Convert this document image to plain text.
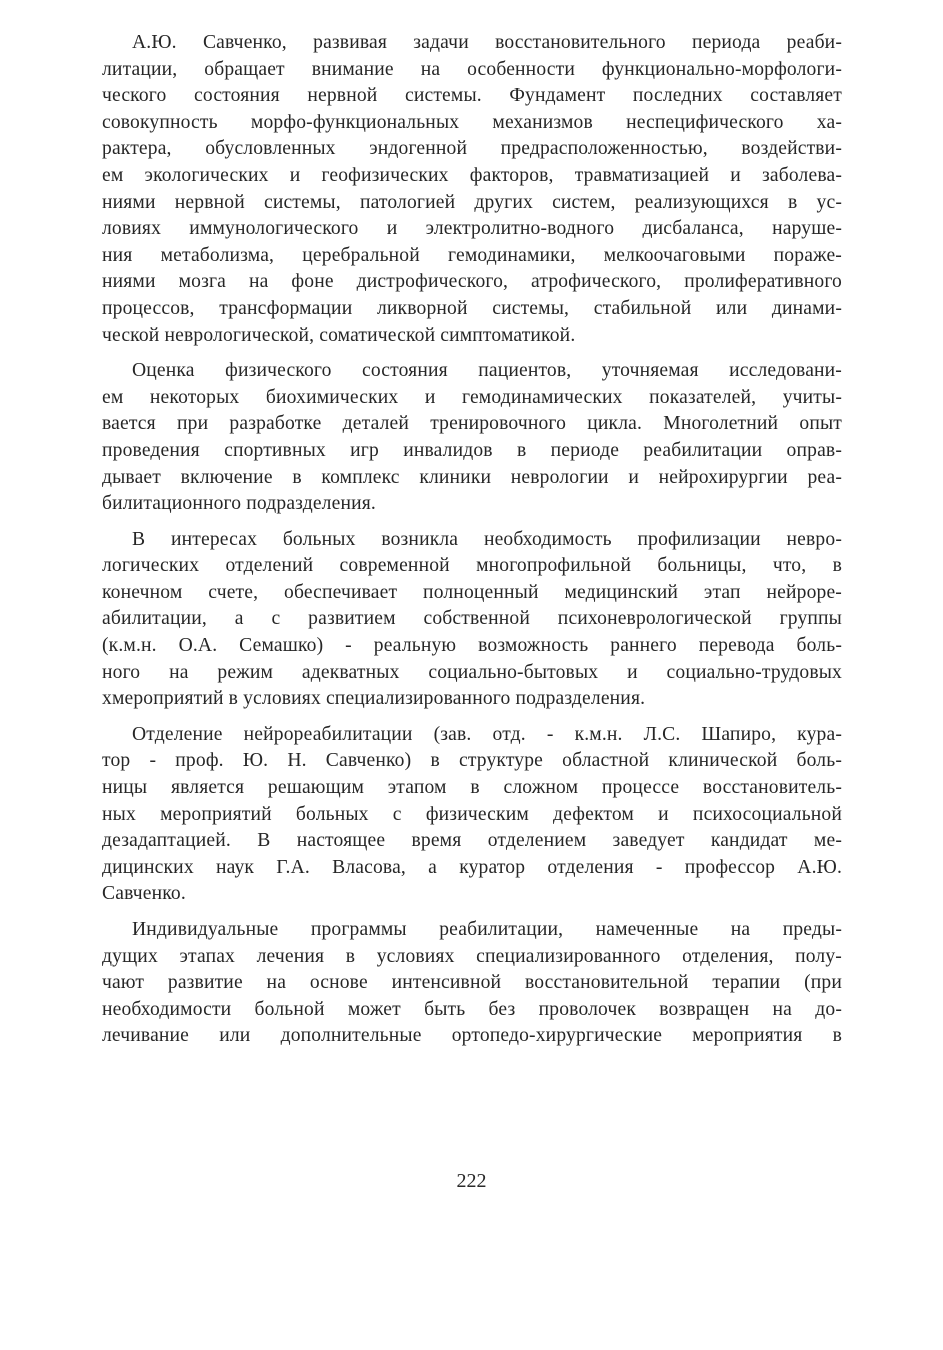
А.Ю. Савченко, развивая задачи восстановительного периода реаби-
литации, обращает внимание на особенности функционально-морфологи-
ческого состояния нервной системы. Фундамент последних составляет
совокупность морфо-функциональных механизмов неспецифического ха-
рактера, обусловленных эндогенной предрасположенностью, воздействи-
ем экологических и геофизических факторов, травматизацией и заболева-
ниями нервной системы, патологией других систем, реализующихся в ус-
ловиях иммунологического и электролитно-водного дисбаланса, наруше-
ния метаболизма, церебральной гемодинамики, мелкоочаговыми пораже-
ниями мозга на фоне дистрофического, атрофического, пролиферативного
процессов, трансформации ликворной системы, стабильной или динами-
ческой неврологической, соматической симптоматикой.
Оценка физического состояния пациентов, уточняемая исследовани-
ем некоторых биохимических и гемодинамических показателей, учиты-
вается при разработке деталей тренировочного цикла. Многолетний опыт
проведения спортивных игр инвалидов в периоде реабилитации оправ-
дывает включение в комплекс клиники неврологии и нейрохирургии реа-
билитационного подразделения.
В интересах больных возникла необходимость профилизации невро-
логических отделений современной многопрофильной больницы, что, в
конечном счете, обеспечивает полноценный медицинский этап нейроре-
абилитации, а с развитием собственной психоневрологической группы
(к.м.н. О.А. Семашко) - реальную возможность раннего перевода боль-
ного на режим адекватных социально-бытовых и социально-трудовых
хмероприятий в условиях специализированного подразделения.
Отделение нейрореабилитации (зав. отд. - к.м.н. Л.С. Шапиро, кура-
тор - проф. Ю. Н. Савченко) в структуре областной клинической боль-
ницы является решающим этапом в сложном процессе восстановитель-
ных мероприятий больных с физическим дефектом и психосоциальной
дезадаптацией. В настоящее время отделением заведует кандидат ме-
дицинских наук Г.А. Власова, а куратор отделения - профессор А.Ю.
Савченко.
Индивидуальные программы реабилитации, намеченные на преды-
дущих этапах лечения в условиях специализированного отделения, полу-
чают развитие на основе интенсивной восстановительной терапии (при
необходимости больной может быть без проволочек возвращен на до-
лечивание или дополнительные ортопедо-хирургические мероприятия в
222
